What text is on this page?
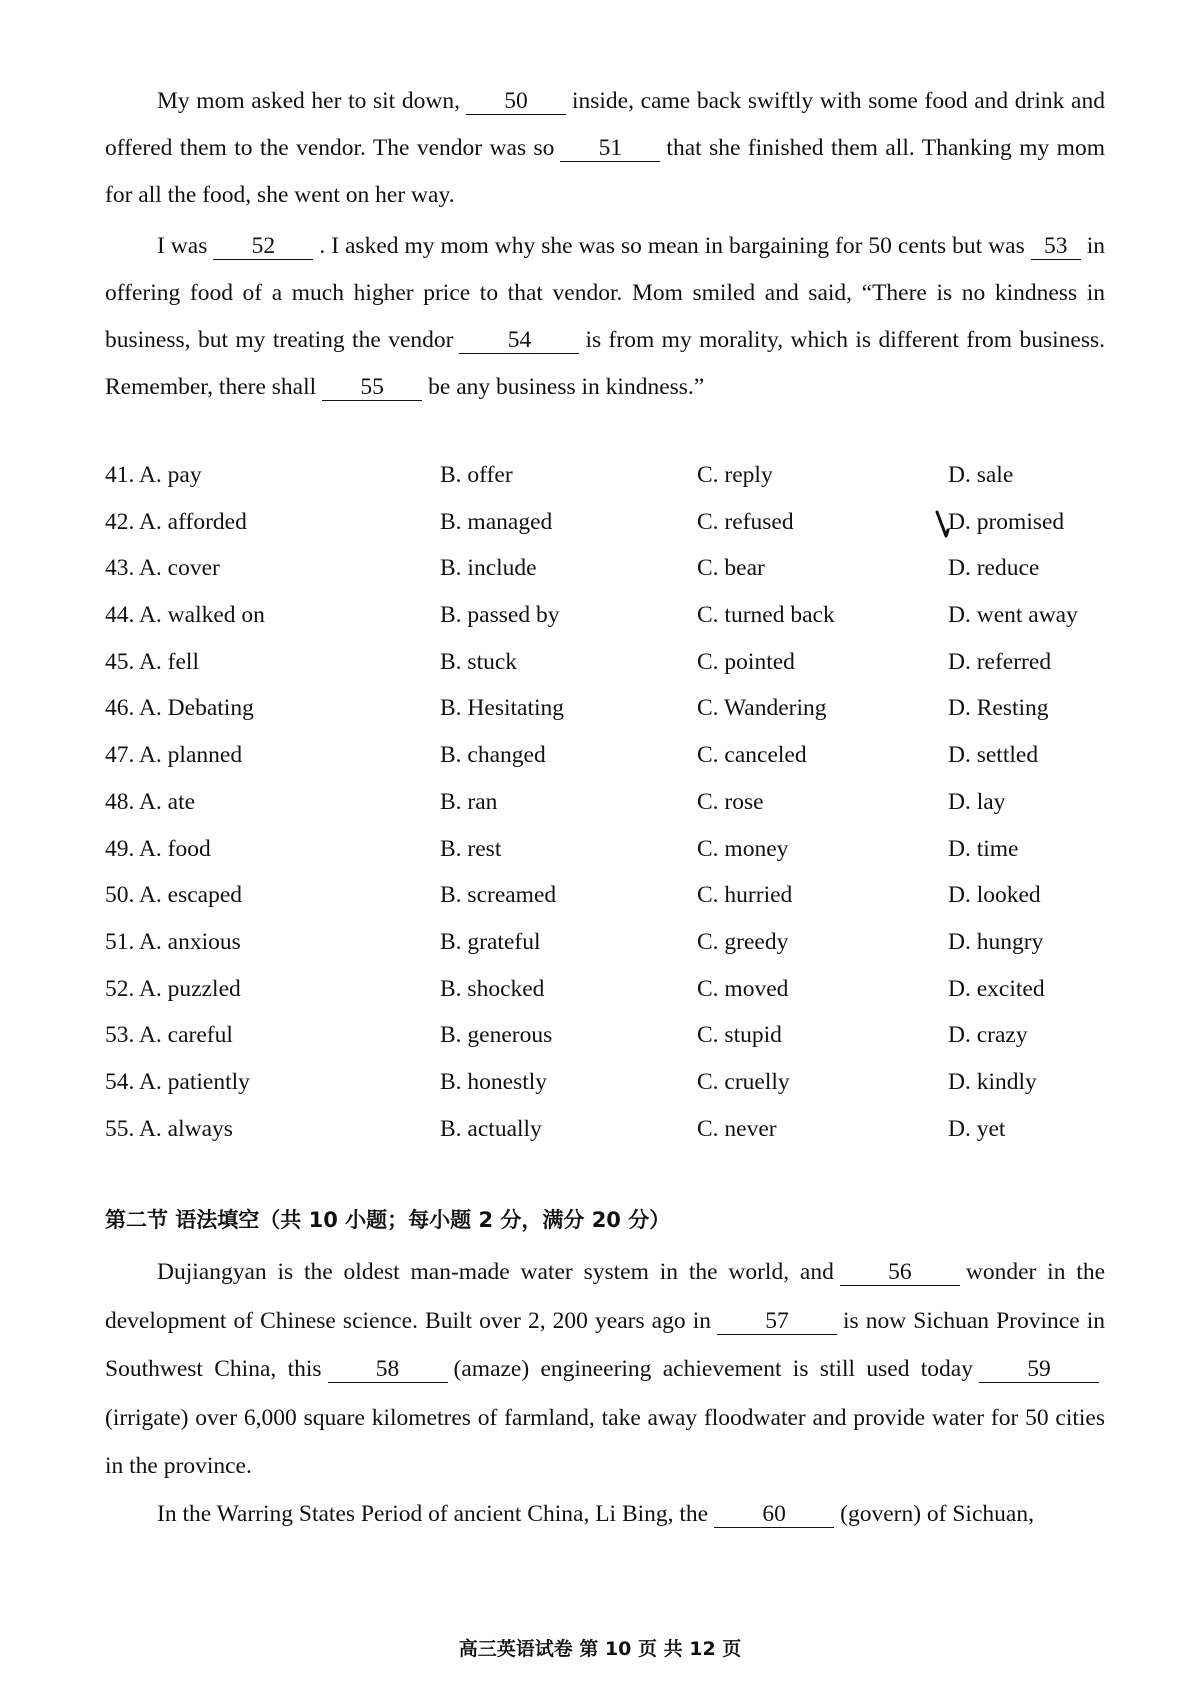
My mom asked her to sit down, 50 inside, came back swiftly with some food and drink and offered them to the vendor. The vendor was so 51 that she finished them all. Thanking my mom for all the food, she went on her way.

I was 52 . I asked my mom why she was so mean in bargaining for 50 cents but was 53 in offering food of a much higher price to that vendor. Mom smiled and said, “There is no kindness in business, but my treating the vendor 54 is from my morality, which is different from business. Remember, there shall 55 be any business in kindness.”

41. A. pay	B. offer	C. reply	D. sale
42. A. afforded	B. managed	C. refused	D. promised
43. A. cover	B. include	C. bear	D. reduce
44. A. walked on	B. passed by	C. turned back	D. went away
45. A. fell	B. stuck	C. pointed	D. referred
46. A. Debating	B. Hesitating	C. Wandering	D. Resting
47. A. planned	B. changed	C. canceled	D. settled
48. A. ate	B. ran	C. rose	D. lay
49. A. food	B. rest	C. money	D. time
50. A. escaped	B. screamed	C. hurried	D. looked
51. A. anxious	B. grateful	C. greedy	D. hungry
52. A. puzzled	B. shocked	C. moved	D. excited
53. A. careful	B. generous	C. stupid	D. crazy
54. A. patiently	B. honestly	C. cruelly	D. kindly
55. A. always	B. actually	C. never	D. yet

第二节 语法填空（共 10 小题；每小题 2 分，满分 20 分）

Dujiangyan is the oldest man-made water system in the world, and 56 wonder in the development of Chinese science. Built over 2, 200 years ago in 57 is now Sichuan Province in Southwest China, this 58 (amaze) engineering achievement is still used today 59(irrigate) over 6,000 square kilometres of farmland, take away floodwater and provide water for 50 cities in the province.

In the Warring States Period of ancient China, Li Bing, the 60 (govern) of Sichuan,

高三英语试卷 第 10 页 共 12 页
